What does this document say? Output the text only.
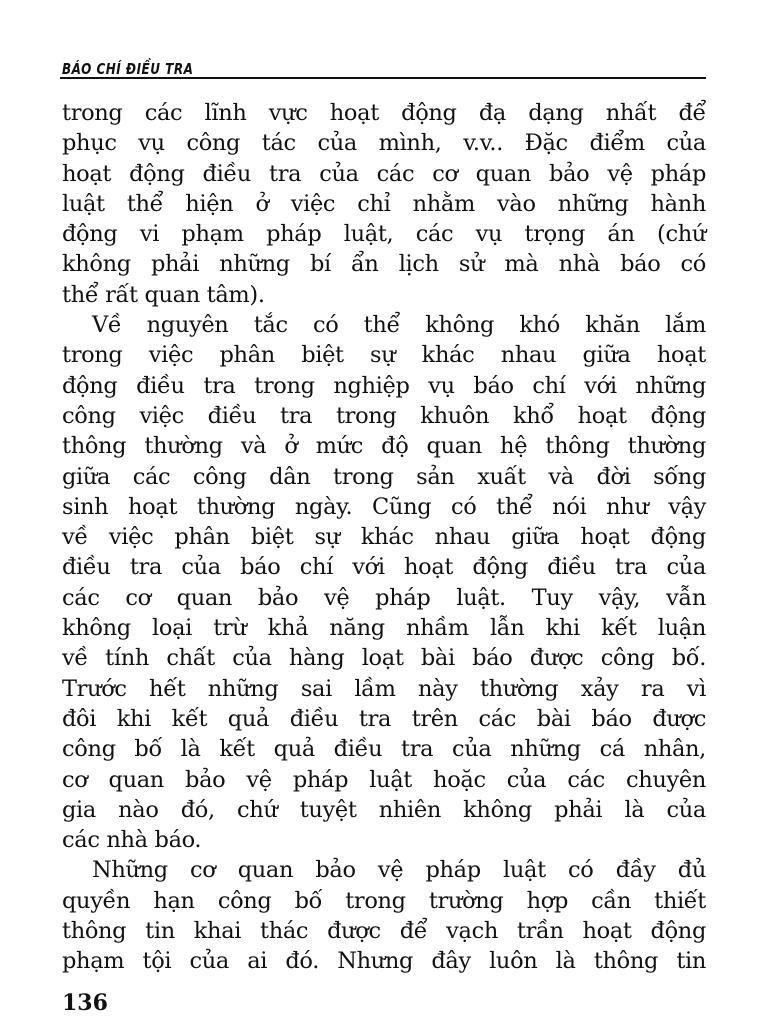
BÁO CHÍ ĐIỀU TRA
trong các lĩnh vực hoạt động đạ dạng nhất để
phục vụ công tác của mình, v.v.. Đặc điểm của
hoạt động điều tra của các cơ quan bảo vệ pháp
luật thể hiện ở việc chỉ nhằm vào những hành
động vi phạm pháp luật, các vụ trọng án (chứ
không phải những bí ẩn lịch sử mà nhà báo có
thể rất quan tâm).
Về nguyên tắc có thể không khó khăn lắm
trong việc phân biệt sự khác nhau giữa hoạt
động điều tra trong nghiệp vụ báo chí với những
công việc điều tra trong khuôn khổ hoạt động
thông thường và ở mức độ quan hệ thông thường
giữa các công dân trong sản xuất và đời sống
sinh hoạt thường ngày. Cũng có thể nói như vậy
về việc phân biệt sự khác nhau giữa hoạt động
điều tra của báo chí với hoạt động điều tra của
các cơ quan bảo vệ pháp luật. Tuy vậy, vẫn
không loại trừ khả năng nhầm lẫn khi kết luận
về tính chất của hàng loạt bài báo được công bố.
Trước hết những sai lầm này thường xảy ra vì
đôi khi kết quả điều tra trên các bài báo được
công bố là kết quả điều tra của những cá nhân,
cơ quan bảo vệ pháp luật hoặc của các chuyên
gia nào đó, chứ tuyệt nhiên không phải là của
các nhà báo.
Những cơ quan bảo vệ pháp luật có đầy đủ
quyền hạn công bố trong trường hợp cần thiết
thông tin khai thác được để vạch trần hoạt động
phạm tội của ai đó. Nhưng đây luôn là thông tin
136
